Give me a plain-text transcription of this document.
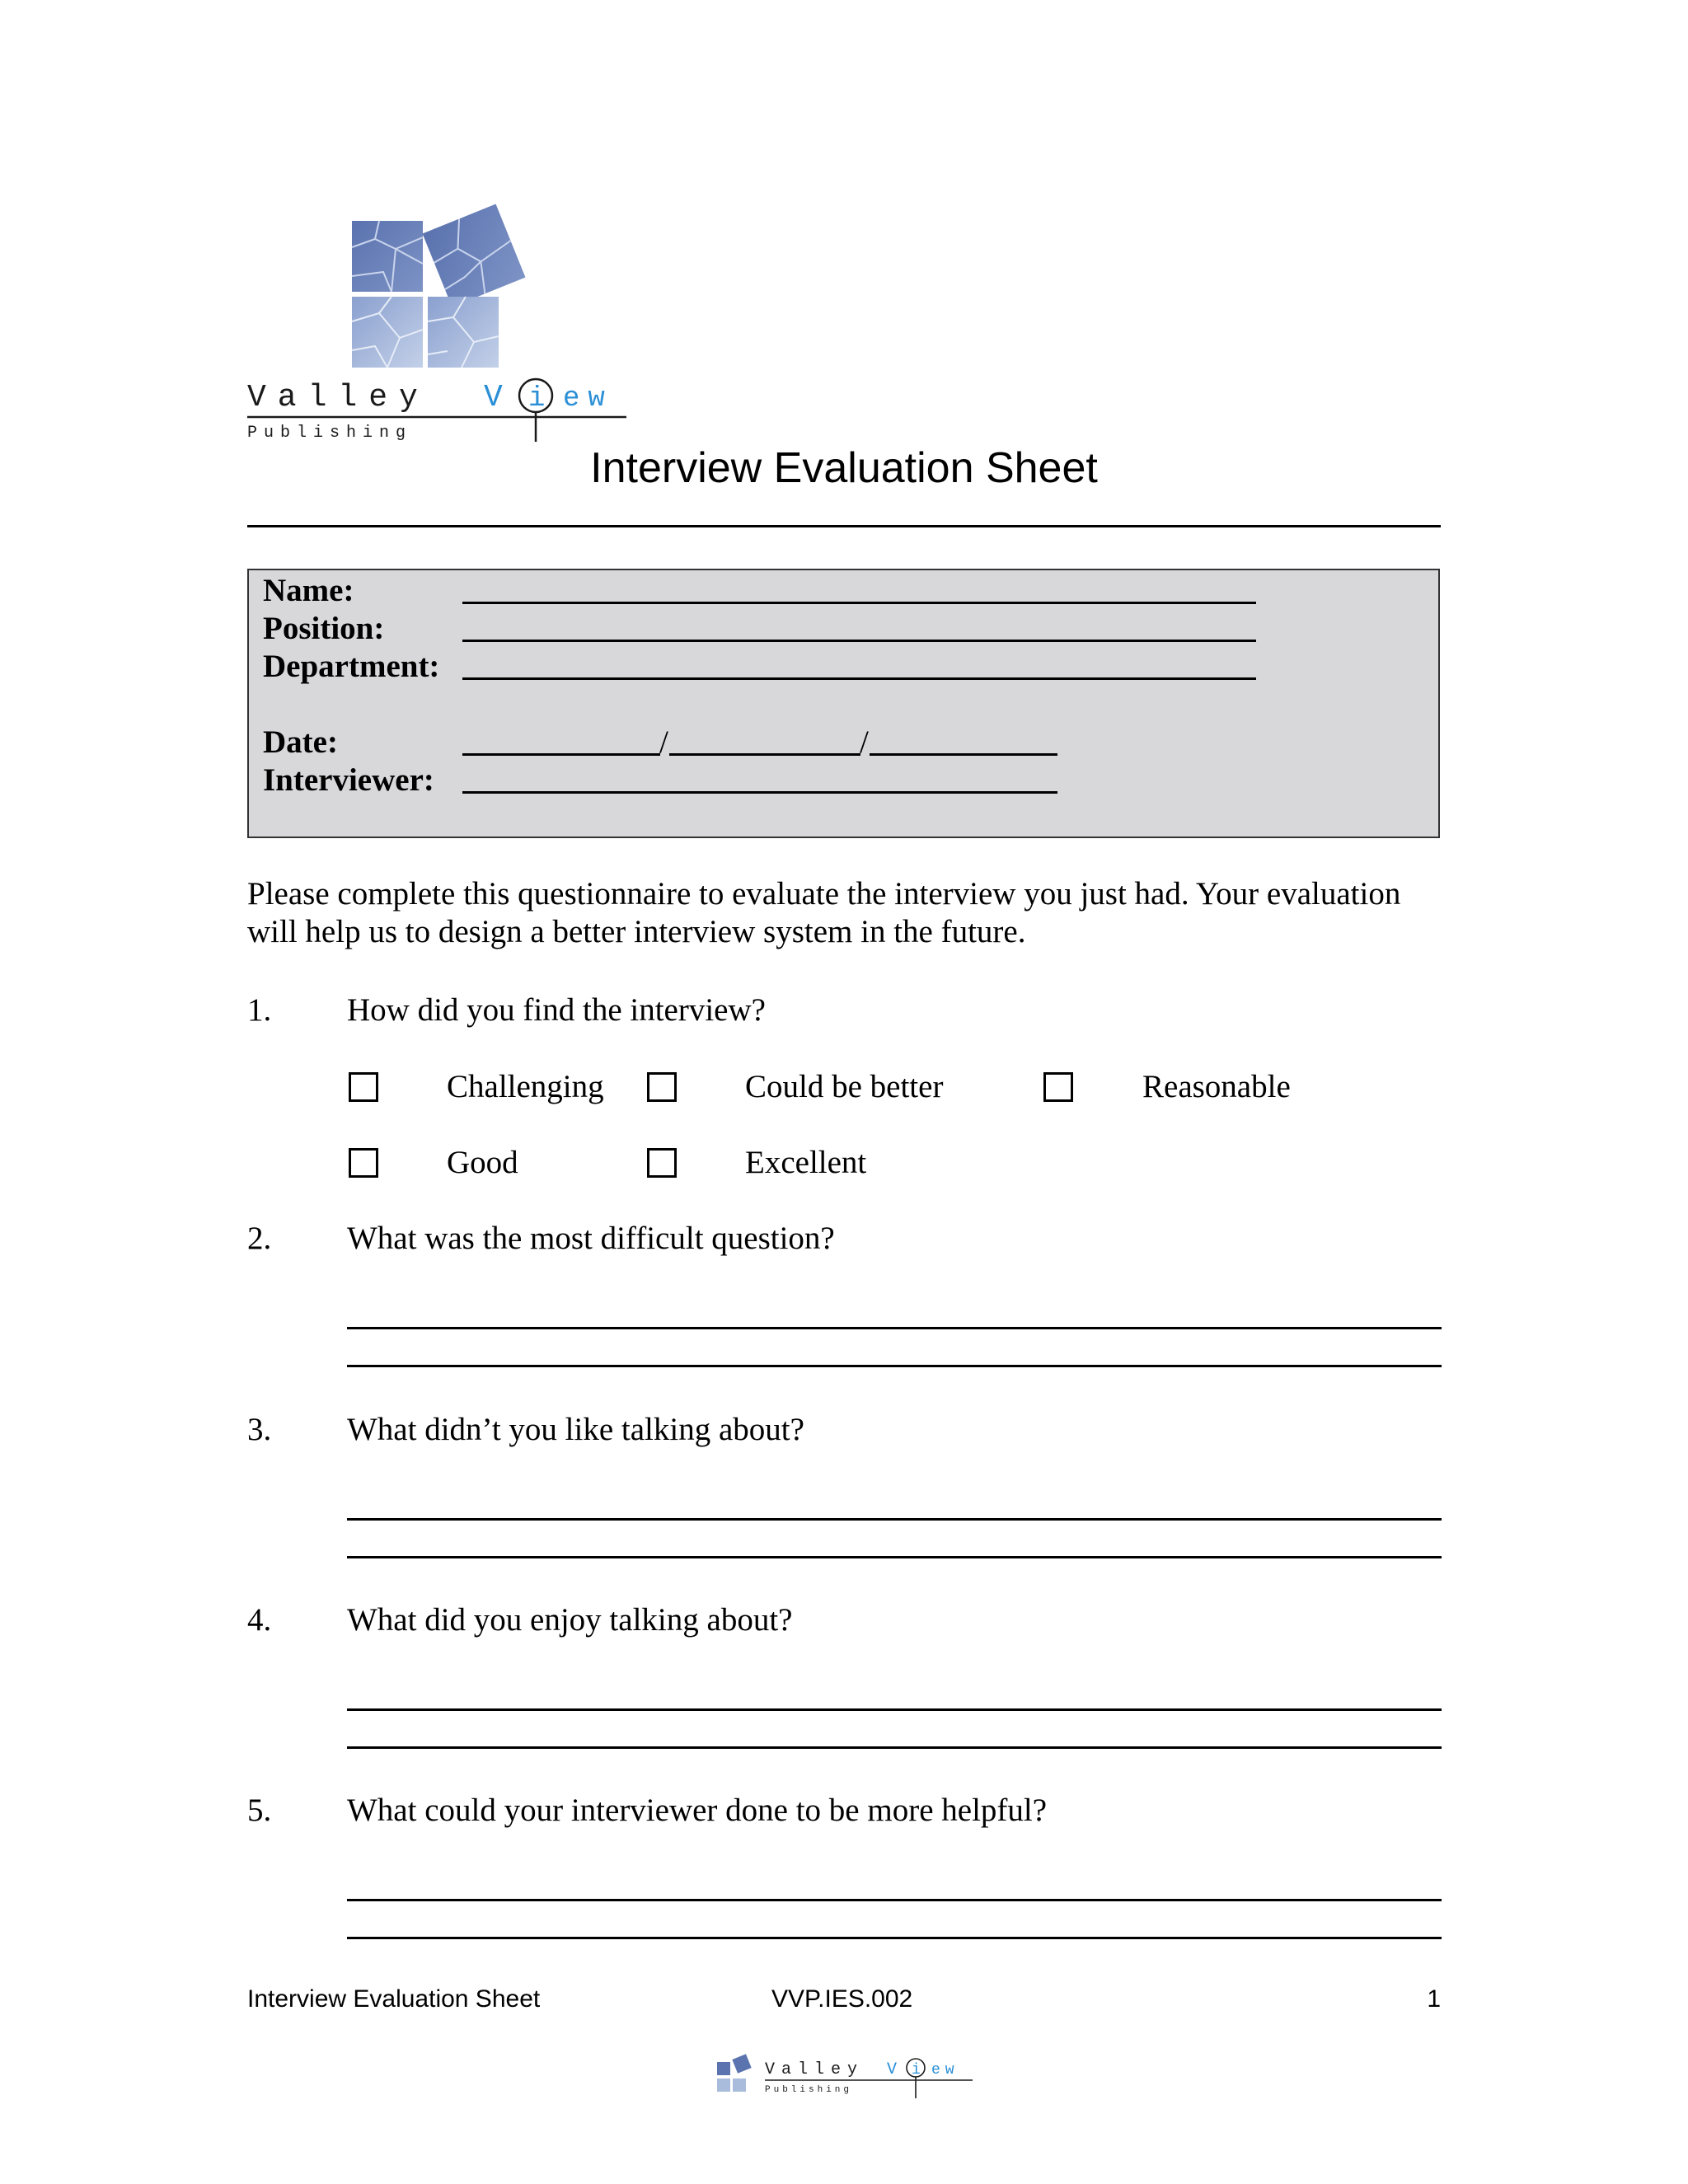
Valley V i ew
Publishing
Interview Evaluation Sheet
Name:
Position:
Department:
Date:	/	/
Interviewer:
Please complete this questionnaire to evaluate the interview you just had. Your evaluation will help us to design a better interview system in the future.
1. How did you find the interview?
Challenging	Could be better	Reasonable
Good	Excellent
2. What was the most difficult question?
3. What didn’t you like talking about?
4. What did you enjoy talking about?
5. What could your interviewer done to be more helpful?
Interview Evaluation Sheet	VVP.IES.002	1
Valley V i ew
Publishing
